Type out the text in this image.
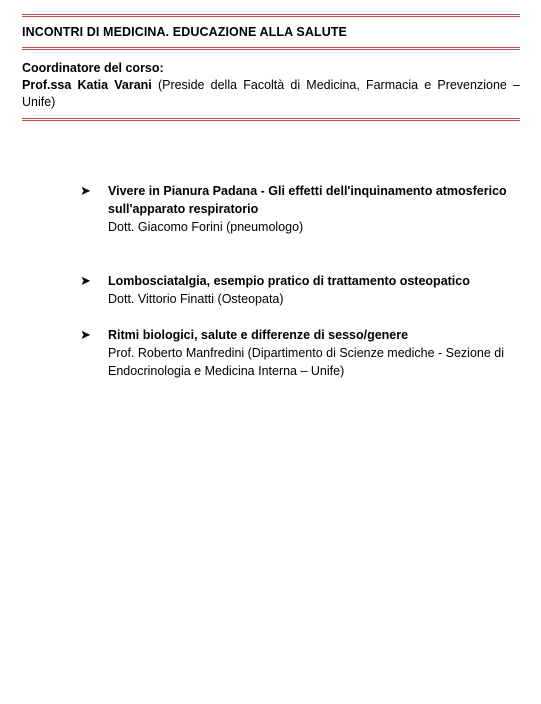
INCONTRI DI MEDICINA. EDUCAZIONE ALLA SALUTE
Coordinatore del corso:
Prof.ssa Katia Varani (Preside della Facoltà di Medicina, Farmacia e Prevenzione – Unife)
➤ Vivere in Pianura Padana - Gli effetti dell'inquinamento atmosferico sull'apparato respiratorio
Dott. Giacomo Forini (pneumologo)
➤ Lombosciatalgia, esempio pratico di trattamento osteopatico
Dott. Vittorio Finatti (Osteopata)
➤ Ritmi biologici, salute e differenze di sesso/genere
Prof. Roberto Manfredini (Dipartimento di Scienze mediche - Sezione di Endocrinologia e Medicina Interna – Unife)
